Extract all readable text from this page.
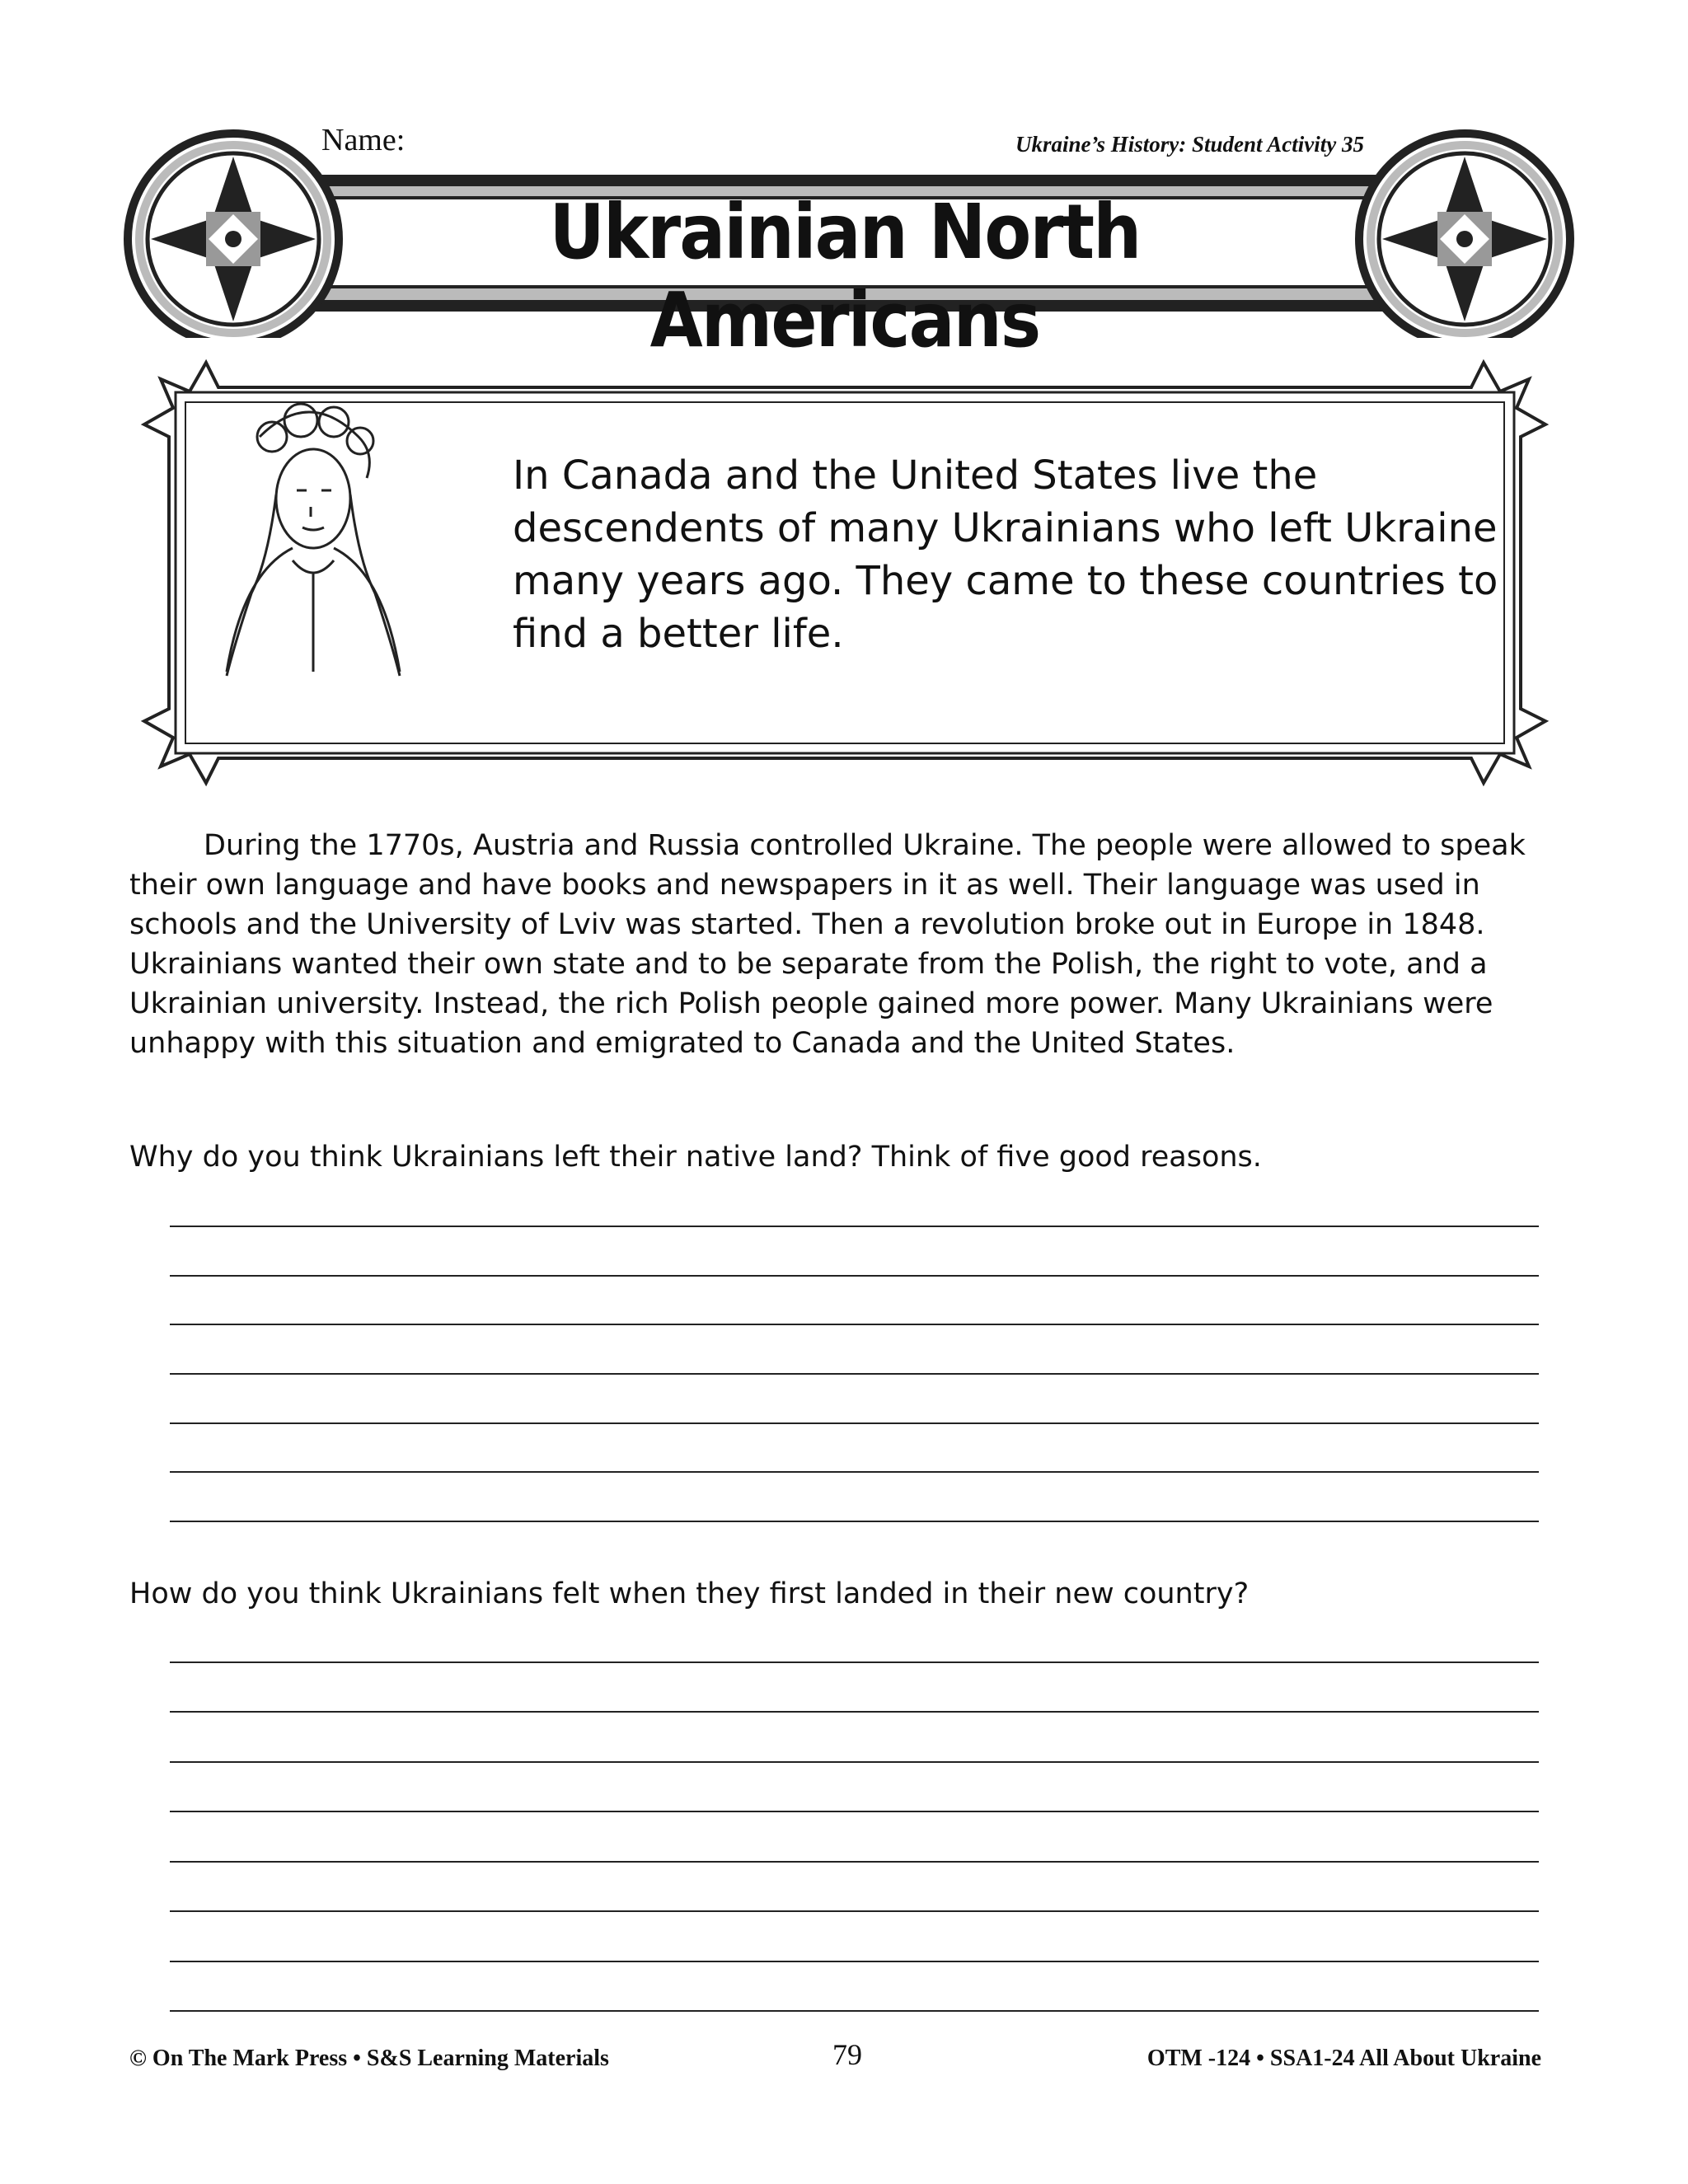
Name:	Ukraine’s History: Student Activity 35
Ukrainian North Americans
In Canada and the United States live the descendents of many Ukrainians who left Ukraine many years ago. They came to these countries to find a better life.
During the 1770s, Austria and Russia controlled Ukraine. The people were allowed to speak their own language and have books and newspapers in it as well. Their language was used in schools and the University of Lviv was started. Then a revolution broke out in Europe in 1848. Ukrainians wanted their own state and to be separate from the Polish, the right to vote, and a Ukrainian university. Instead, the rich Polish people gained more power. Many Ukrainians were unhappy with this situation and emigrated to Canada and the United States.
Why do you think Ukrainians left their native land? Think of five good reasons.
How do you think Ukrainians felt when they first landed in their new country?
© On The Mark Press • S&S Learning Materials	79	OTM -124 • SSA1-24 All About Ukraine
